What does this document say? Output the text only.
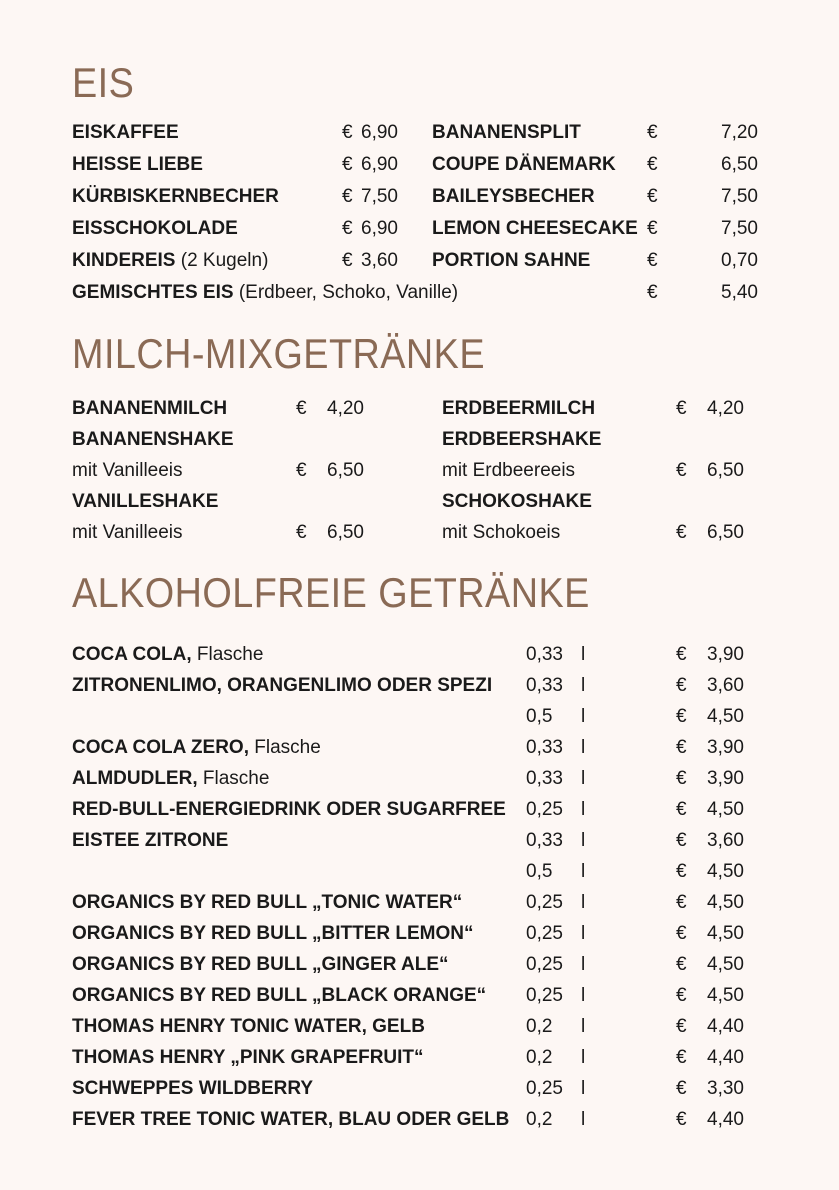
EIS
EISKAFFEE	€ 6,90
HEISSE LIEBE	€ 6,90
KÜRBISKERNBECHER	€ 7,50
EISSCHOKOLADE	€ 6,90
KINDEREIS (2 Kugeln)	€ 3,60
BANANENSPLIT	€	7,20
COUPE DÄNEMARK €	6,50
BAILEYSBECHER	€	7,50
LEMON CHEESECAKE €	7,50
PORTION SAHNE	€	0,70
GEMISCHTES EIS (Erdbeer, Schoko, Vanille)	€	5,40
MILCH-MIXGETRÄNKE
BANANENMILCH	€ 4,20
BANANENSHAKE
mit Vanilleeis	€ 6,50
VANILLESHAKE
mit Vanilleeis	€ 6,50
ERDBEERMILCH	€ 4,20
ERDBEERSHAKE
mit Erdbeereeis	€ 6,50
SCHOKOSHAKE
mit Schokoeis	€ 6,50
ALKOHOLFREIE GETRÄNKE
COCA COLA, Flasche	0,33 l	€ 3,90
ZITRONENLIMO, ORANGENLIMO ODER SPEZI 0,33 l	€ 3,60
0,5 l	€ 4,50
COCA COLA ZERO, Flasche	0,33 l	€ 3,90
ALMDUDLER, Flasche	0,33 l	€ 3,90
RED-BULL-ENERGIEDRINK ODER SUGARFREE 0,25 l	€ 4,50
EISTEE ZITRONE	0,33 l	€ 3,60
0,5 l	€ 4,50
ORGANICS BY RED BULL „TONIC WATER“	0,25 l	€ 4,50
ORGANICS BY RED BULL „BITTER LEMON“	0,25 l	€ 4,50
ORGANICS BY RED BULL „GINGER ALE“	0,25 l	€ 4,50
ORGANICS BY RED BULL „BLACK ORANGE“ 0,25 l	€ 4,50
THOMAS HENRY TONIC WATER, GELB	0,2 l	€ 4,40
THOMAS HENRY „PINK GRAPEFRUIT“	0,2 l	€ 4,40
SCHWEPPES WILDBERRY	0,25 l	€ 3,30
FEVER TREE TONIC WATER, BLAU ODER GELB 0,2 l	€ 4,40
